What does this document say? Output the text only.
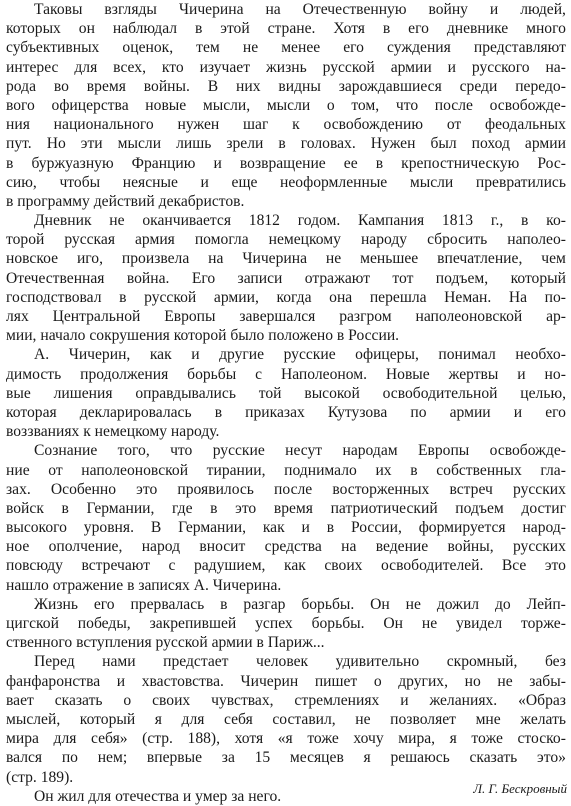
Таковы взгляды Чичерина на Отечественную войну и людей,
которых он наблюдал в этой стране. Хотя в его дневнике много
субъективных оценок, тем не менее его суждения представляют
интерес для всех, кто изучает жизнь русской армии и русского на-
рода во время войны. В них видны зарождавшиеся среди передо-
вого офицерства новые мысли, мысли о том, что после освобожде-
ния национального нужен шаг к освобождению от феодальных
пут. Но эти мысли лишь зрели в головах. Нужен был поход армии
в буржуазную Францию и возвращение ее в крепостническую Рос-
сию, чтобы неясные и еще неоформленные мысли превратились
в программу действий декабристов.
Дневник не оканчивается 1812 годом. Кампания 1813 г., в ко-
торой русская армия помогла немецкому народу сбросить наполео-
новское иго, произвела на Чичерина не меньшее впечатление, чем
Отечественная война. Его записи отражают тот подъем, который
господствовал в русской армии, когда она перешла Неман. На по-
лях Центральной Европы завершался разгром наполеоновской ар-
мии, начало сокрушения которой было положено в России.
А. Чичерин, как и другие русские офицеры, понимал необхо-
димость продолжения борьбы с Наполеоном. Новые жертвы и но-
вые лишения оправдывались той высокой освободительной целью,
которая декларировалась в приказах Кутузова по армии и его
воззваниях к немецкому народу.
Сознание того, что русские несут народам Европы освобожде-
ние от наполеоновской тирании, поднимало их в собственных гла-
зах. Особенно это проявилось после восторженных встреч русских
войск в Германии, где в это время патриотический подъем достиг
высокого уровня. В Германии, как и в России, формируется народ-
ное ополчение, народ вносит средства на ведение войны, русских
повсюду встречают с радушием, как своих освободителей. Все это
нашло отражение в записях А. Чичерина.
Жизнь его прервалась в разгар борьбы. Он не дожил до Лейп-
цигской победы, закрепившей успех борьбы. Он не увидел торже-
ственного вступления русской армии в Париж...
Перед нами предстает человек удивительно скромный, без
фанфаронства и хвастовства. Чичерин пишет о других, но не забы-
вает сказать о своих чувствах, стремлениях и желаниях. «Образ
мыслей, который я для себя составил, не позволяет мне желать
мира для себя» (стр. 188), хотя «я тоже хочу мира, я тоже стоско-
вался по нем; впервые за 15 месяцев я решаюсь сказать это»
(стр. 189).
Он жил для отечества и умер за него.	Л. Г. Бескровный
